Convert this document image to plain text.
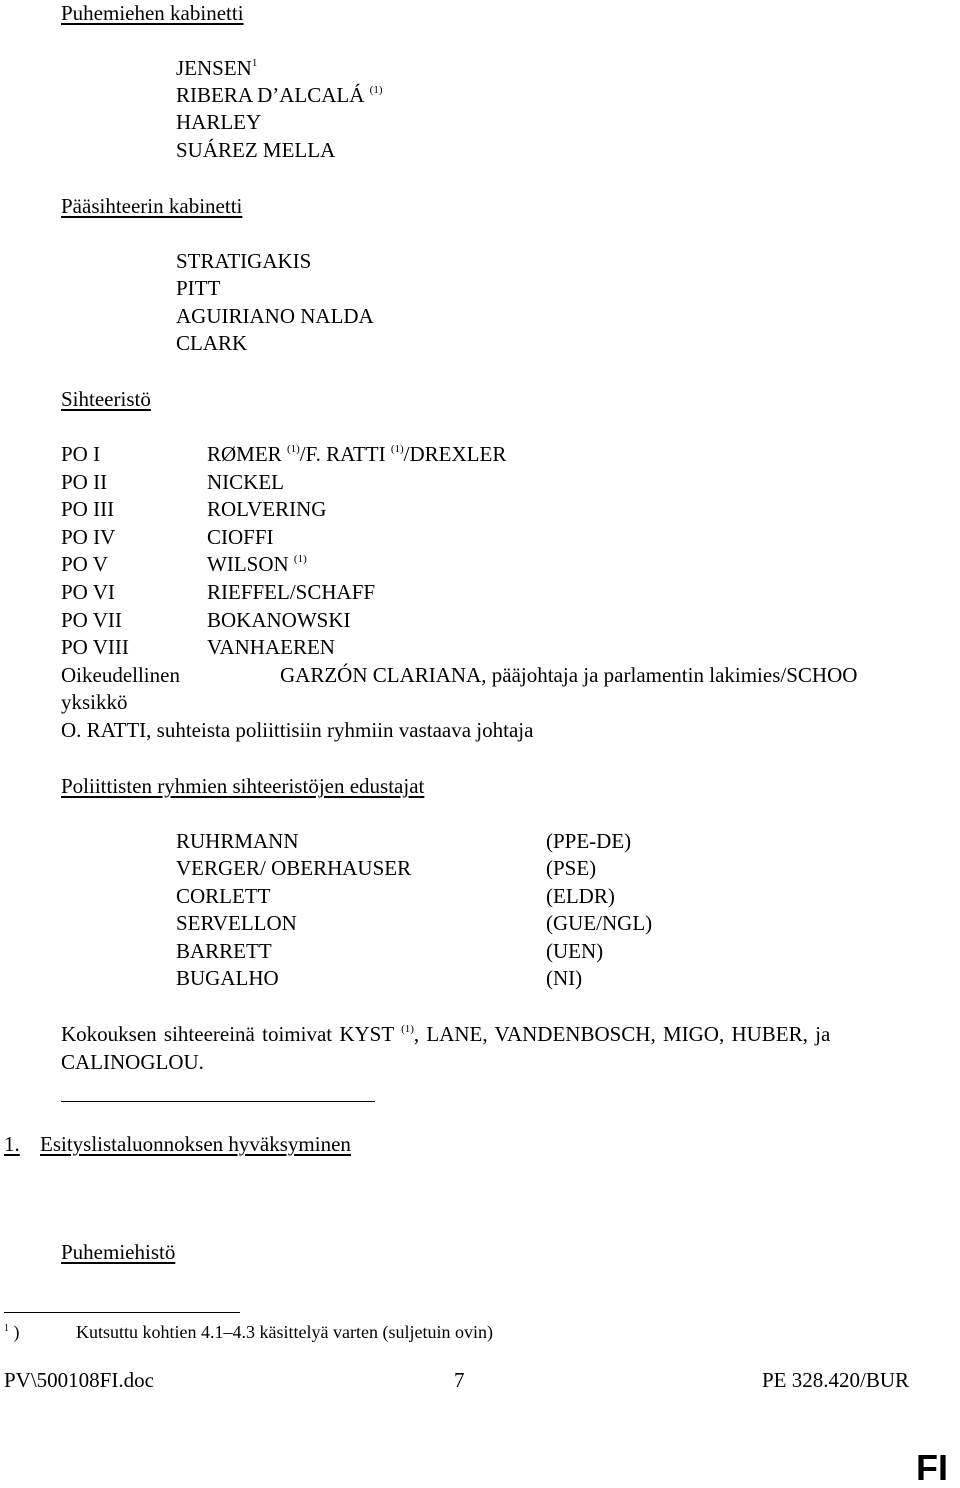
Puhemiehen kabinetti
JENSEN$^1$
RIBERA D’ALCALÁ $^{(1)}$
HARLEY
SUÁREZ MELLA
Pääsihteerin kabinetti
STRATIGAKIS
PITT
AGUIRIANO NALDA
CLARK
Sihteeristö
PO I	RØMER $^{(1)}$/F. RATTI $^{(1)}$/DREXLER
PO II	NICKEL
PO III	ROLVERING
PO IV	CIOFFI
PO V	WILSON $^{(1)}$
PO VI	RIEFFEL/SCHAFF
PO VII	BOKANOWSKI
PO VIII	VANHAEREN
Oikeudellinen	GARZÓN CLARIANA, pääjohtaja ja parlamentin lakimies/SCHOO
yksikkö
O. RATTI, suhteista poliittisiin ryhmiin vastaava johtaja
Poliittisten ryhmien sihteeristöjen edustajat
RUHRMANN	(PPE-DE)
VERGER/ OBERHAUSER	(PSE)
CORLETT	(ELDR)
SERVELLON	(GUE/NGL)
BARRETT	(UEN)
BUGALHO	(NI)
Kokouksen sihteereinä toimivat KYST $^{(1)}$, LANE, VANDENBOSCH, MIGO, HUBER, ja
CALINOGLOU.
1. Esityslistaluonnoksen hyväksyminen
Puhemiehistö
$^1$ )	Kutsuttu kohtien 4.1–4.3 käsittelyä varten (suljetuin ovin)
PV\500108FI.doc	7	PE 328.420/BUR
FI
